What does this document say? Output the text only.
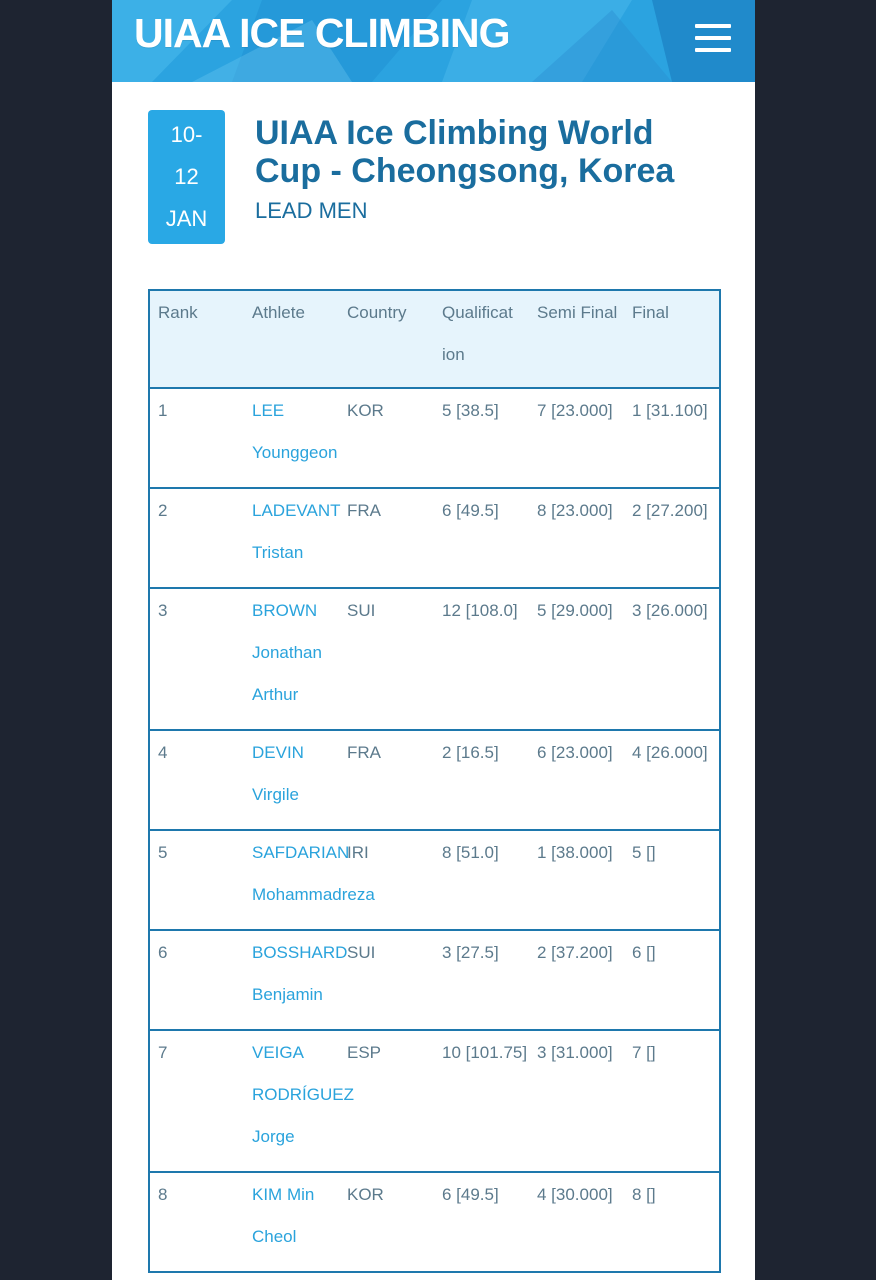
UIAA ICE CLIMBING
10-
12
JAN
UIAA Ice Climbing World Cup - Cheongsong, Korea
LEAD MEN
Rank	Athlete	Country	Qualificat ion	Semi Final	Final

1	LEE Younggeon	KOR	5 [38.5]	7 [23.000]	1 [31.100]

2	LADEVANT Tristan	FRA	6 [49.5]	8 [23.000]	2 [27.200]

3	BROWN Jonathan Arthur	SUI	12 [108.0]	5 [29.000]	3 [26.000]

4	DEVIN Virgile	FRA	2 [16.5]	6 [23.000]	4 [26.000]

5	SAFDARIAN Mohammadreza	IRI	8 [51.0]	1 [38.000]	5 []

6	BOSSHARD Benjamin	SUI	3 [27.5]	2 [37.200]	6 []

7	VEIGA RODRÍGUEZ Jorge	ESP	10 [101.75]	3 [31.000]	7 []

8	KIM Min Cheol	KOR	6 [49.5]	4 [30.000]	8 []
